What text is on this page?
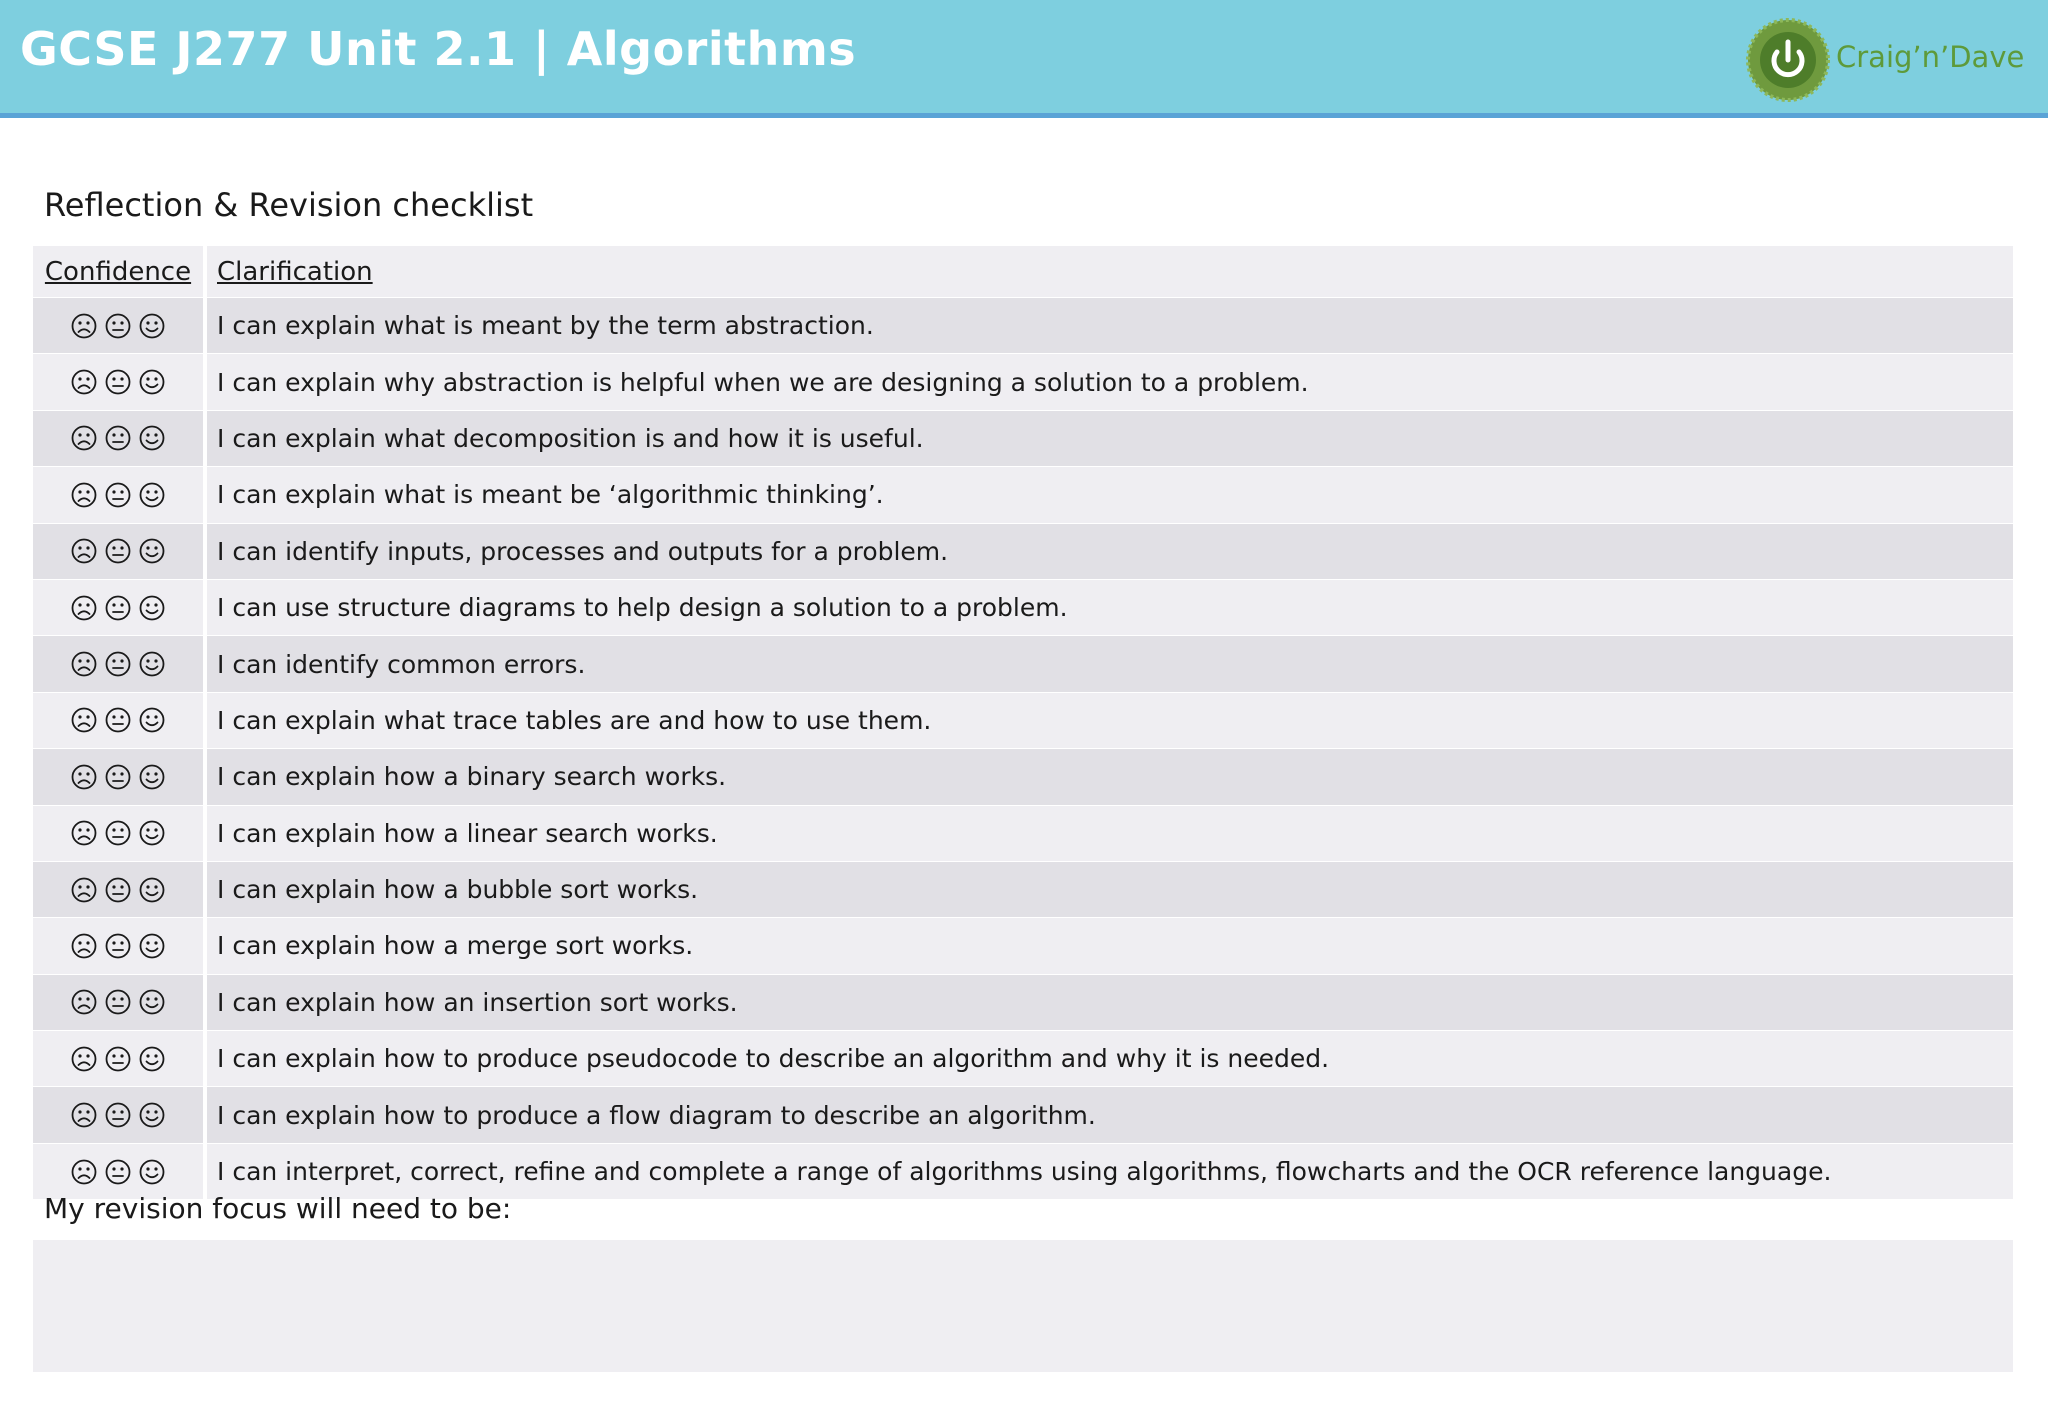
GCSE J277 Unit 2.1 | Algorithms	Craig’n’Dave
Reflection & Revision checklist
Confidence Clarification
I can explain what is meant by the term abstraction.
I can explain why abstraction is helpful when we are designing a solution to a problem.
I can explain what decomposition is and how it is useful.
I can explain what is meant be ‘algorithmic thinking’.
I can identify inputs, processes and outputs for a problem.
I can use structure diagrams to help design a solution to a problem.
I can identify common errors.
I can explain what trace tables are and how to use them.
I can explain how a binary search works.
I can explain how a linear search works.
I can explain how a bubble sort works.
I can explain how a merge sort works.
I can explain how an insertion sort works.
I can explain how to produce pseudocode to describe an algorithm and why it is needed.
I can explain how to produce a flow diagram to describe an algorithm.
I can interpret, correct, refine and complete a range of algorithms using algorithms, flowcharts and the OCR reference language.
My revision focus will need to be:
